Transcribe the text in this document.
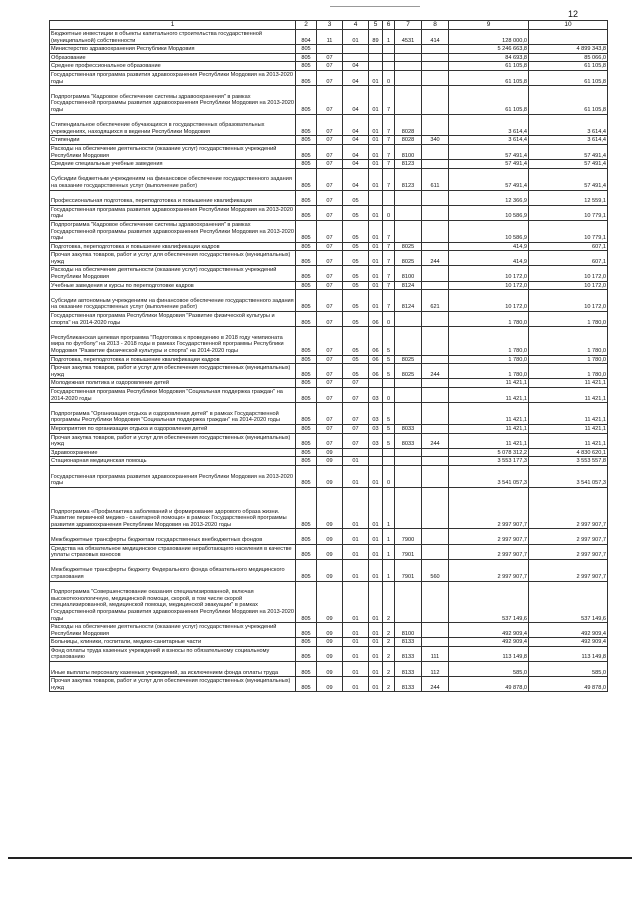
12
1	2	3	4	5	6	7	8	9	10
Бюджетные инвестиции в объекты капитального строительства государственной (муниципальной) собственности	804	11	01	89	1	4531	414	128 000,0	
Министерство здравоохранения Республики Мордовия	805							5 246 663,8	4 899 343,8
Образование	805	07						84 693,8	85 066,0
Среднее профессиональное образование	805	07	04					61 105,8	61 105,8
Государственная программа развития здравоохранения Республики Мордовия на 2013-2020 годы	805	07	04	01	0			61 105,8	61 105,8
Подпрограмма "Кадровое обеспечение системы здравоохранения" в рамках Государственной программы развития здравоохранения Республики Мордовия на 2013-2020 годы	805	07	04	01	7			61 105,8	61 105,8
Стипендиальное обеспечение обучающихся в государственных образовательных учреждениях, находящихся в ведении Республики Мордовия	805	07	04	01	7	8028		3 614,4	3 614,4
Стипендии	805	07	04	01	7	8028	340	3 614,4	3 614,4
Расходы на обеспечение деятельности (оказание услуг) государственных учреждений Республики Мордовия	805	07	04	01	7	8100		57 491,4	57 491,4
Средние специальные учебные заведения	805	07	04	01	7	8123		57 491,4	57 491,4
Субсидии бюджетным учреждениям на финансовое обеспечение государственного задания на оказание государственных услуг (выполнение работ)	805	07	04	01	7	8123	611	57 491,4	57 491,4
Профессиональная подготовка, переподготовка и повышение квалификации	805	07	05					12 366,9	12 559,1
Государственная программа развития здравоохранения Республики Мордовия на 2013-2020 годы	805	07	05	01	0			10 586,9	10 779,1
Подпрограмма "Кадровое обеспечение системы здравоохранения" в рамках Государственной программы развития здравоохранения Республики Мордовия на 2013-2020 годы	805	07	05	01	7			10 586,9	10 779,1
Подготовка, переподготовка и повышение квалификации кадров	805	07	05	01	7	8025		414,9	607,1
Прочая закупка товаров, работ и услуг для обеспечения государственных (муниципальных) нужд	805	07	05	01	7	8025	244	414,9	607,1
Расходы на обеспечение деятельности (оказание услуг) государственных учреждений Республики Мордовия	805	07	05	01	7	8100		10 172,0	10 172,0
Учебные заведения и курсы по переподготовке кадров	805	07	05	01	7	8124		10 172,0	10 172,0
Субсидии автономным учреждениям на финансовое обеспечение государственного задания на оказание государственных услуг (выполнение работ)	805	07	05	01	7	8124	621	10 172,0	10 172,0
Государственная программа Республики Мордовия "Развитие физической культуры и спорта" на 2014-2020 годы	805	07	05	06	0			1 780,0	1 780,0
Республиканская целевая программа "Подготовка к проведению в 2018 году чемпионата мира по футболу" на 2013 - 2018 годы в рамках Государственной программы Республики Мордовия "Развитие физической культуры и спорта" на 2014-2020 годы	805	07	05	06	5			1 780,0	1 780,0
Подготовка, переподготовка и повышение квалификации кадров	805	07	05	06	5	8025		1 780,0	1 780,0
Прочая закупка товаров, работ и услуг для обеспечения государственных (муниципальных) нужд	805	07	05	06	5	8025	244	1 780,0	1 780,0
Молодежная политика и оздоровление детей	805	07	07					11 421,1	11 421,1
Государственная программа Республики Мордовия "Социальная поддержка граждан" на 2014-2020 годы	805	07	07	03	0			11 421,1	11 421,1
Подпрограмма "Организация отдыха и оздоровления детей" в рамках Государственной программы Республики Мордовия "Социальная поддержка граждан" на 2014-2020 годы	805	07	07	03	5			11 421,1	11 421,1
Мероприятия по организации отдыха и оздоровления детей	805	07	07	03	5	8033		11 421,1	11 421,1
Прочая закупка товаров, работ и услуг для обеспечения государственных (муниципальных) нужд	805	07	07	03	5	8033	244	11 421,1	11 421,1
Здравоохранение	805	09						5 078 312,2	4 830 620,1
Стационарная медицинская помощь	805	09	01					3 553 177,3	3 553 557,8
Государственная программа развития здравоохранения Республики Мордовия на 2013-2020 годы	805	09	01	01	0			3 541 057,3	3 541 057,3
Подпрограмма «Профилактика заболеваний и формирование здорового образа жизни. Развитие первичной медико - санитарной помощи» в рамках Государственной программы развития здравоохранения Республики Мордовия на 2013-2020 годы	805	09	01	01	1			2 997 907,7	2 997 907,7
Межбюджетные трансферты бюджетам государственных внебюджетных фондов	805	09	01	01	1	7900		2 997 907,7	2 997 907,7
Средства на обязательное медицинское страхование неработающего населения в качестве уплаты страховых взносов	805	09	01	01	1	7901		2 997 907,7	2 997 907,7
Межбюджетные трансферты бюджету Федерального фонда обязательного медицинского страхования	805	09	01	01	1	7901	560	2 997 907,7	2 997 907,7
Подпрограмма "Совершенствование оказания специализированной, включая высокотехнологичную, медицинской помощи, скорой, в том числе скорой специализированной, медицинской помощи, медицинской эвакуации" в рамках Государственной программы развития здравоохранения Республики Мордовия на 2013-2020 годы	805	09	01	01	2			537 149,6	537 149,6
Расходы на обеспечение деятельности (оказание услуг) государственных учреждений Республики Мордовия	805	09	01	01	2	8100		492 909,4	492 909,4
Больницы, клиники, госпитали, медико-санитарные части	805	09	01	01	2	8133		492 909,4	492 909,4
Фонд оплаты труда казенных учреждений и взносы по обязательному социальному страхованию	805	09	01	01	2	8133	111	113 149,8	113 149,8
Иные выплаты персоналу казенных учреждений, за исключением фонда оплаты труда	805	09	01	01	2	8133	112	585,0	585,0
Прочая закупка товаров, работ и услуг для обеспечения государственных (муниципальных) нужд	805	09	01	01	2	8133	244	49 878,0	49 878,0
